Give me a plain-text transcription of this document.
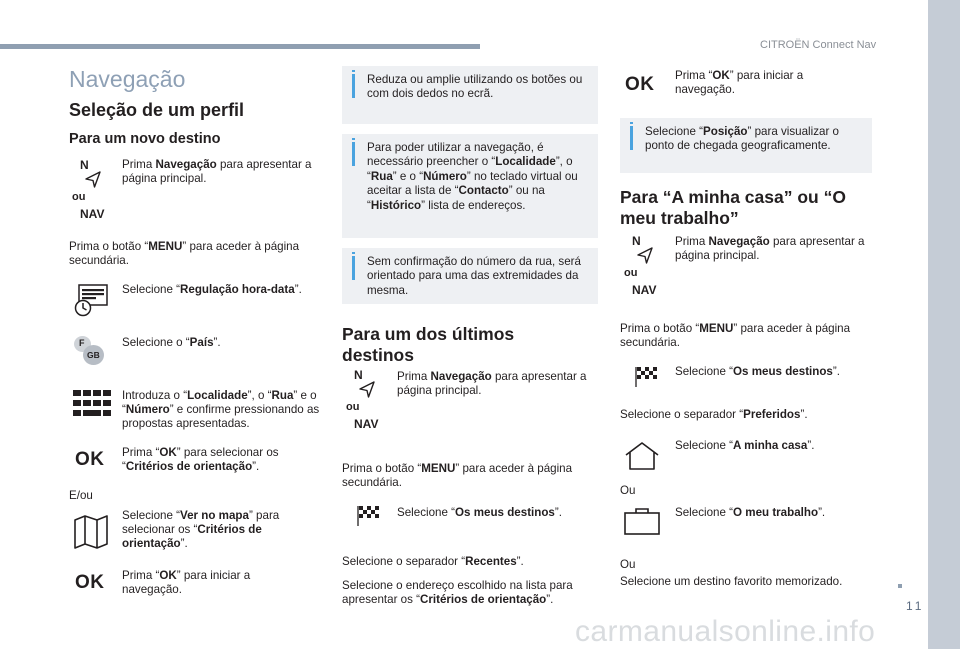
CITROËN Connect Nav
11
Navegação
Seleção de um perfil
Para um novo destino
N
ou
NAV
Prima Navegação para apresentar a página principal.
Prima o botão “MENU” para aceder à página secundária.
Selecione “Regulação hora-data”.
F
GB
Selecione o “País”.
Introduza o “Localidade”, o “Rua” e o “Número” e confirme pressionando as propostas apresentadas.
OK Prima “OK” para selecionar os “Critérios de orientação”.
E/ou
Selecione “Ver no mapa” para selecionar os “Critérios de orientação”.
OK Prima “OK” para iniciar a navegação.
Reduza ou amplie utilizando os botões ou com dois dedos no ecrã.
Para poder utilizar a navegação, é necessário preencher o “Localidade”, o “Rua” e o “Número” no teclado virtual ou aceitar a lista de “Contacto” ou na “Histórico” lista de endereços.
Sem confirmação do número da rua, será orientado para uma das extremidades da mesma.
Para um dos últimos destinos
N
ou
NAV
Prima Navegação para apresentar a página principal.
Prima o botão “MENU” para aceder à página secundária.
Selecione “Os meus destinos”.
Selecione o separador “Recentes”.
Selecione o endereço escolhido na lista para apresentar os “Critérios de orientação”.
OK Prima “OK” para iniciar a navegação.
Selecione “Posição” para visualizar o ponto de chegada geograficamente.
Para “A minha casa” ou “O meu trabalho”
N
ou
NAV
Prima Navegação para apresentar a página principal.
Prima o botão “MENU” para aceder à página secundária.
Selecione “Os meus destinos”.
Selecione o separador “Preferidos”.
Selecione “A minha casa”.
Ou
Selecione “O meu trabalho”.
Ou
Selecione um destino favorito memorizado.
carmanualsonline.info
